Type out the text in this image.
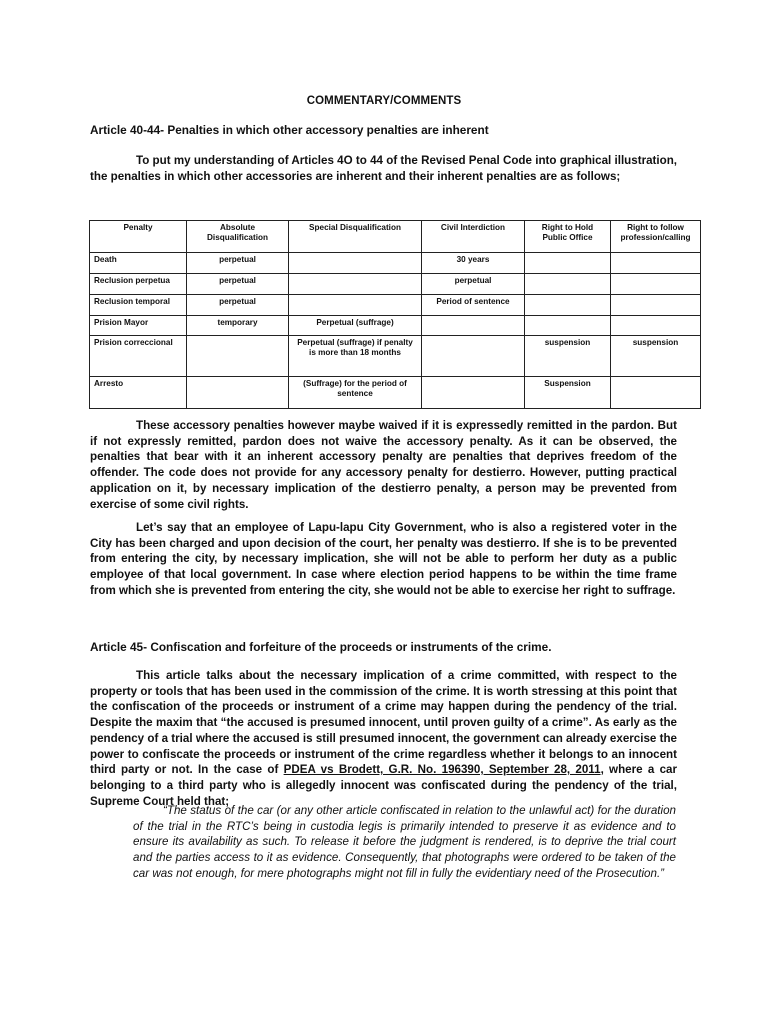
COMMENTARY/COMMENTS
Article 40-44- Penalties in which other accessory penalties are inherent

To put my understanding of Articles 4O to 44 of the Revised Penal Code into graphical illustration, the penalties in which other accessories are inherent and their inherent penalties are as follows;

Penalty	Absolute Disqualification	Special Disqualification	Civil Interdiction	Right to Hold Public Office	Right to follow profession/calling
Death	perpetual		30 years		
Reclusion perpetua	perpetual		perpetual		
Reclusion temporal	perpetual		Period of sentence		
Prision Mayor	temporary	Perpetual (suffrage)			
Prision correccional		Perpetual (suffrage) if penalty is more than 18 months		suspension	suspension
Arresto		(Suffrage) for the period of sentence		Suspension	

These accessory penalties however maybe waived if it is expressedly remitted in the pardon. But if not expressly remitted, pardon does not waive the accessory penalty. As it can be observed, the penalties that bear with it an inherent accessory penalty are penalties that deprives freedom of the offender. The code does not provide for any accessory penalty for destierro. However, putting practical application on it, by necessary implication of the destierro penalty, a person may be prevented from exercise of some civil rights.

Let’s say that an employee of Lapu-lapu City Government, who is also a registered voter in the City has been charged and upon decision of the court, her penalty was destierro. If she is to be prevented from entering the city, by necessary implication, she will not be able to perform her duty as a public employee of that local government. In case where election period happens to be within the time frame from which she is prevented from entering the city, she would not be able to exercise her right to suffrage.

Article 45- Confiscation and forfeiture of the proceeds or instruments of the crime.

This article talks about the necessary implication of a crime committed, with respect to the property or tools that has been used in the commission of the crime. It is worth stressing at this point that the confiscation of the proceeds or instrument of a crime may happen during the pendency of the trial. Despite the maxim that “the accused is presumed innocent, until proven guilty of a crime”. As early as the pendency of a trial where the accused is still presumed innocent, the government can already exercise the power to confiscate the proceeds or instrument of the crime regardless whether it belongs to an innocent third party or not. In the case of PDEA vs Brodett, G.R. No. 196390, September 28, 2011, where a car belonging to a third party who is allegedly innocent was confiscated during the pendency of the trial, Supreme Court held that;

“The status of the car (or any other article confiscated in relation to the unlawful act) for the duration of the trial in the RTC’s being in custodia legis is primarily intended to preserve it as evidence and to ensure its availability as such. To release it before the judgment is rendered, is to deprive the trial court and the parties access to it as evidence. Consequently, that photographs were ordered to be taken of the car was not enough, for mere photographs might not fill in fully the evidentiary need of the Prosecution.”
